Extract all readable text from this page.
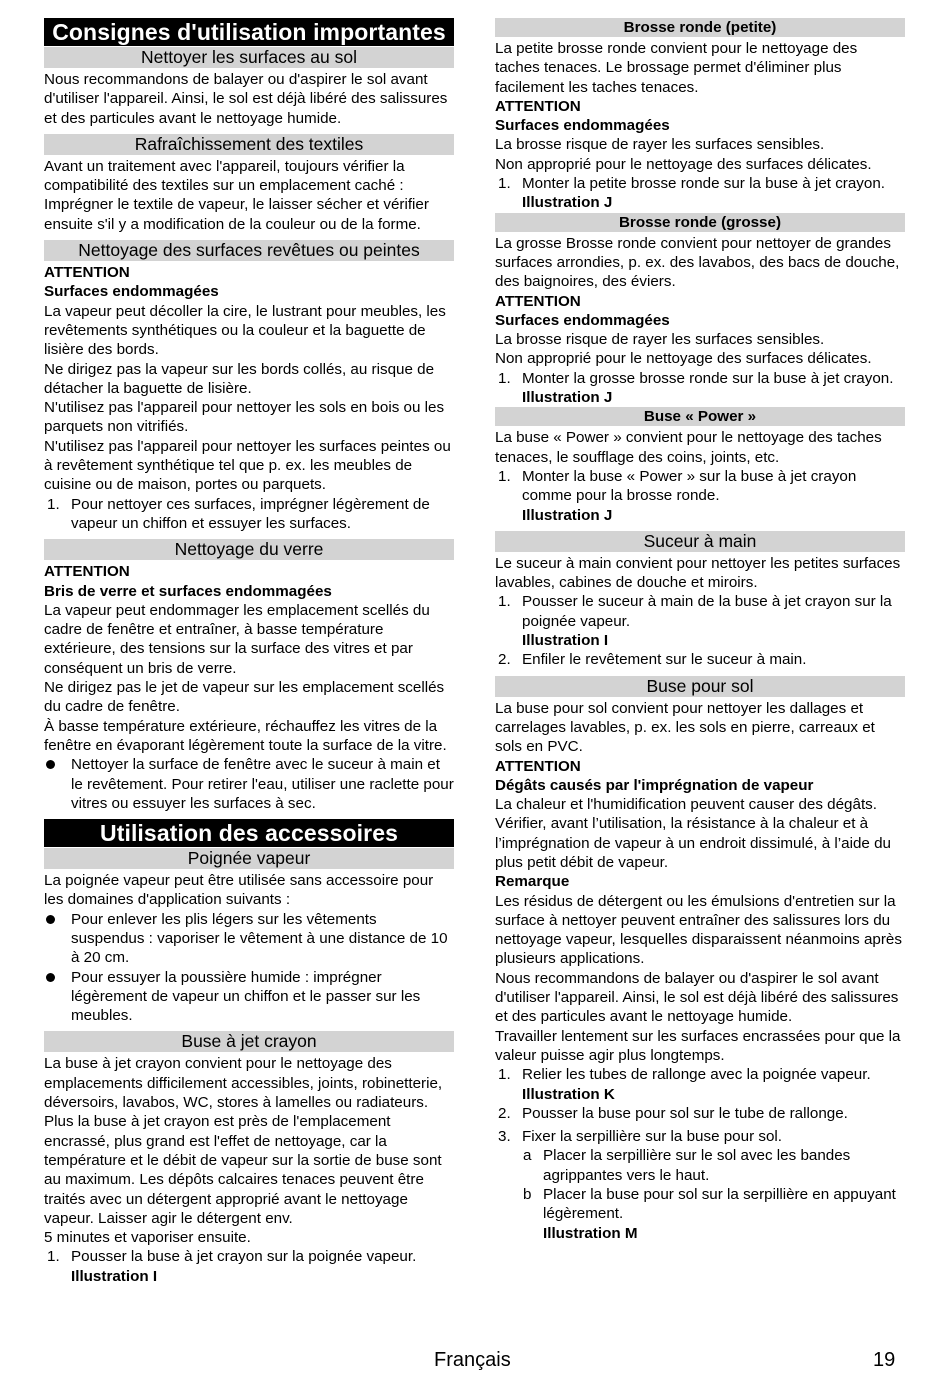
Consignes d'utilisation importantes
Nettoyer les surfaces au sol

Nous recommandons de balayer ou d'aspirer le sol avant d'utiliser l'appareil. Ainsi, le sol est déjà libéré des salissures et des particules avant le nettoyage humide.

Rafraîchissement des textiles

Avant un traitement avec l'appareil, toujours vérifier la compatibilité des textiles sur un emplacement caché : Imprégner le textile de vapeur, le laisser sécher et vérifier ensuite s'il y a modification de la couleur ou de la forme.

Nettoyage des surfaces revêtues ou peintes

ATTENTION

Surfaces endommagées

La vapeur peut décoller la cire, le lustrant pour meubles, les revêtements synthétiques ou la couleur et la baguette de lisière des bords.

Ne dirigez pas la vapeur sur les bords collés, au risque de détacher la baguette de lisière.

N'utilisez pas l'appareil pour nettoyer les sols en bois ou les parquets non vitrifiés.

N'utilisez pas l'appareil pour nettoyer les surfaces peintes ou à revêtement synthétique tel que p. ex. les meubles de cuisine ou de maison, portes ou parquets.

1. Pour nettoyer ces surfaces, imprégner légèrement de vapeur un chiffon et essuyer les surfaces.
Nettoyage du verre

ATTENTION

Bris de verre et surfaces endommagées

La vapeur peut endommager les emplacement scellés du cadre de fenêtre et entraîner, à basse température extérieure, des tensions sur la surface des vitres et par conséquent un bris de verre.

Ne dirigez pas le jet de vapeur sur les emplacement scellés du cadre de fenêtre.

À basse température extérieure, réchauffez les vitres de la fenêtre en évaporant légèrement toute la surface de la vitre.

Nettoyer la surface de fenêtre avec le suceur à main et le revêtement. Pour retirer l'eau, utiliser une raclette pour vitres ou essuyer les surfaces à sec.
Utilisation des accessoires
Poignée vapeur

La poignée vapeur peut être utilisée sans accessoire pour les domaines d'application suivants :

Pour enlever les plis légers sur les vêtements suspendus : vaporiser le vêtement à une distance de 10 à 20 cm.
Pour essuyer la poussière humide : imprégner légèrement de vapeur un chiffon et le passer sur les meubles.
Buse à jet crayon

La buse à jet crayon convient pour le nettoyage des emplacements difficilement accessibles, joints, robinetterie, déversoirs, lavabos, WC, stores à lamelles ou radiateurs. Plus la buse à jet crayon est près de l'emplacement encrassé, plus grand est l'effet de nettoyage, car la température et le débit de vapeur sur la sortie de buse sont au maximum. Les dépôts calcaires tenaces peuvent être traités avec un détergent approprié avant le nettoyage vapeur. Laisser agir le détergent env.

5 minutes et vaporiser ensuite.

1. Pousser la buse à jet crayon sur la poignée vapeur.
Illustration I
Brosse ronde (petite)

La petite brosse ronde convient pour le nettoyage des taches tenaces. Le brossage permet d'éliminer plus facilement les taches tenaces.

ATTENTION

Surfaces endommagées

La brosse risque de rayer les surfaces sensibles.

Non approprié pour le nettoyage des surfaces délicates.

1. Monter la petite brosse ronde sur la buse à jet crayon.
Illustration J
Brosse ronde (grosse)

La grosse Brosse ronde convient pour nettoyer de grandes surfaces arrondies, p. ex. des lavabos, des bacs de douche, des baignoires, des éviers.

ATTENTION

Surfaces endommagées

La brosse risque de rayer les surfaces sensibles.

Non approprié pour le nettoyage des surfaces délicates.

1. Monter la grosse brosse ronde sur la buse à jet crayon.
Illustration J
Buse « Power »

La buse « Power » convient pour le nettoyage des taches tenaces, le soufflage des coins, joints, etc.

1. Monter la buse « Power » sur la buse à jet crayon comme pour la brosse ronde.
Illustration J
Suceur à main

Le suceur à main convient pour nettoyer les petites surfaces lavables, cabines de douche et miroirs.

1. Pousser le suceur à main de la buse à jet crayon sur la poignée vapeur.
Illustration I
2. Enfiler le revêtement sur le suceur à main.
Buse pour sol

La buse pour sol convient pour nettoyer les dallages et carrelages lavables, p. ex. les sols en pierre, carreaux et sols en PVC.

ATTENTION

Dégâts causés par l'imprégnation de vapeur

La chaleur et l'humidification peuvent causer des dégâts.

Vérifier, avant l’utilisation, la résistance à la chaleur et à l’imprégnation de vapeur à un endroit dissimulé, à l’aide du plus petit débit de vapeur.

Remarque

Les résidus de détergent ou les émulsions d'entretien sur la surface à nettoyer peuvent entraîner des salissures lors du nettoyage vapeur, lesquelles disparaissent néanmoins après plusieurs applications.

Nous recommandons de balayer ou d'aspirer le sol avant d'utiliser l'appareil. Ainsi, le sol est déjà libéré des salissures et des particules avant le nettoyage humide.

Travailler lentement sur les surfaces encrassées pour que la valeur puisse agir plus longtemps.

1. Relier les tubes de rallonge avec la poignée vapeur.
Illustration K
2. Pousser la buse pour sol sur le tube de rallonge.
3. Fixer la serpillière sur la buse pour sol.
a Placer la serpillière sur le sol avec les bandes agrippantes vers le haut.
b Placer la buse pour sol sur la serpillière en appuyant légèrement.
Illustration M
Français	19
